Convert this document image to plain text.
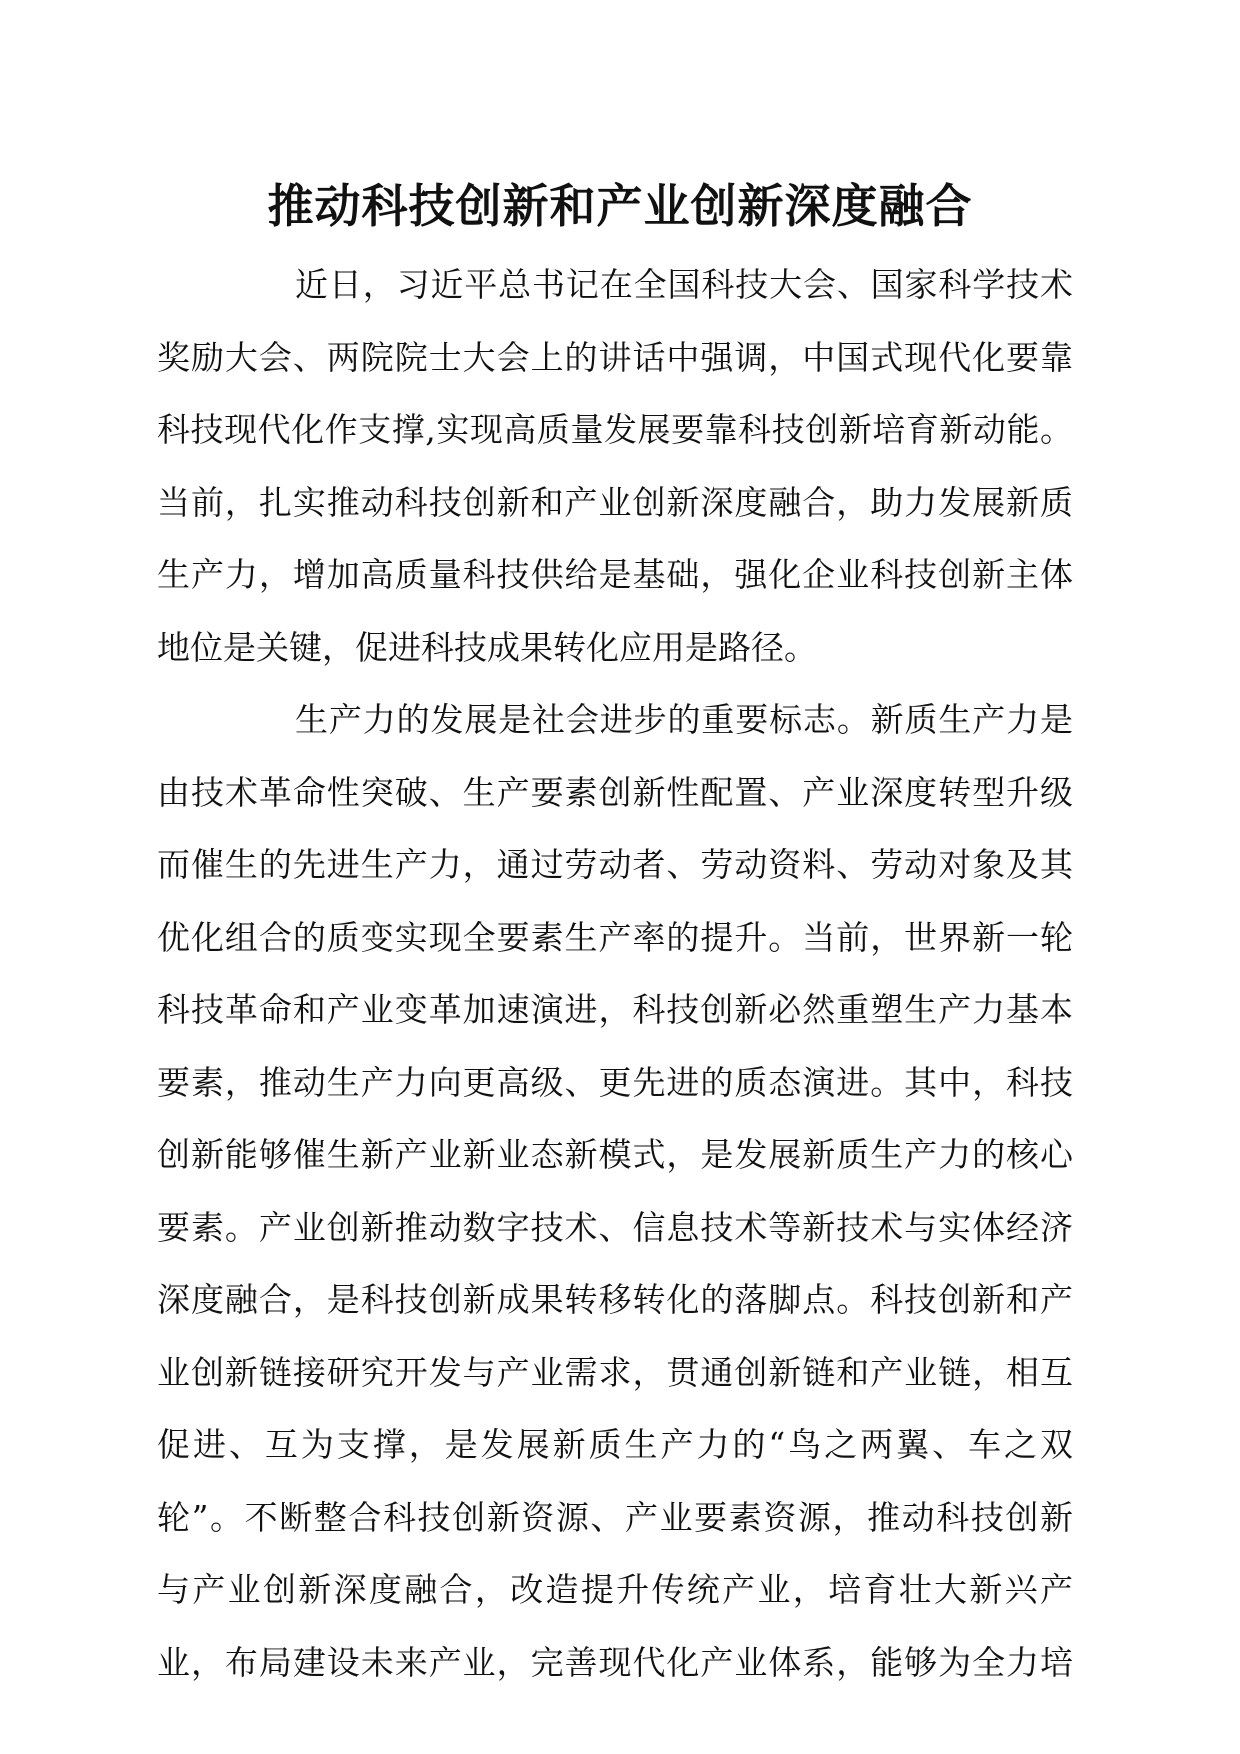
推动科技创新和产业创新深度融合

近日，习近平总书记在全国科技大会、国家科学技术
奖励大会、两院院士大会上的讲话中强调，中国式现代化要靠
科技现代化作支撑,实现高质量发展要靠科技创新培育新动能。
当前，扎实推动科技创新和产业创新深度融合，助力发展新质
生产力，增加高质量科技供给是基础，强化企业科技创新主体
地位是关键，促进科技成果转化应用是路径。

生产力的发展是社会进步的重要标志。新质生产力是
由技术革命性突破、生产要素创新性配置、产业深度转型升级
而催生的先进生产力，通过劳动者、劳动资料、劳动对象及其
优化组合的质变实现全要素生产率的提升。当前，世界新一轮
科技革命和产业变革加速演进，科技创新必然重塑生产力基本
要素，推动生产力向更高级、更先进的质态演进。其中，科技
创新能够催生新产业新业态新模式，是发展新质生产力的核心
要素。产业创新推动数字技术、信息技术等新技术与实体经济
深度融合，是科技创新成果转移转化的落脚点。科技创新和产
业创新链接研究开发与产业需求，贯通创新链和产业链，相互
促进、互为支撑，是发展新质生产力的“鸟之两翼、车之双
轮”。不断整合科技创新资源、产业要素资源，推动科技创新
与产业创新深度融合，改造提升传统产业，培育壮大新兴产
业，布局建设未来产业，完善现代化产业体系，能够为全力培
